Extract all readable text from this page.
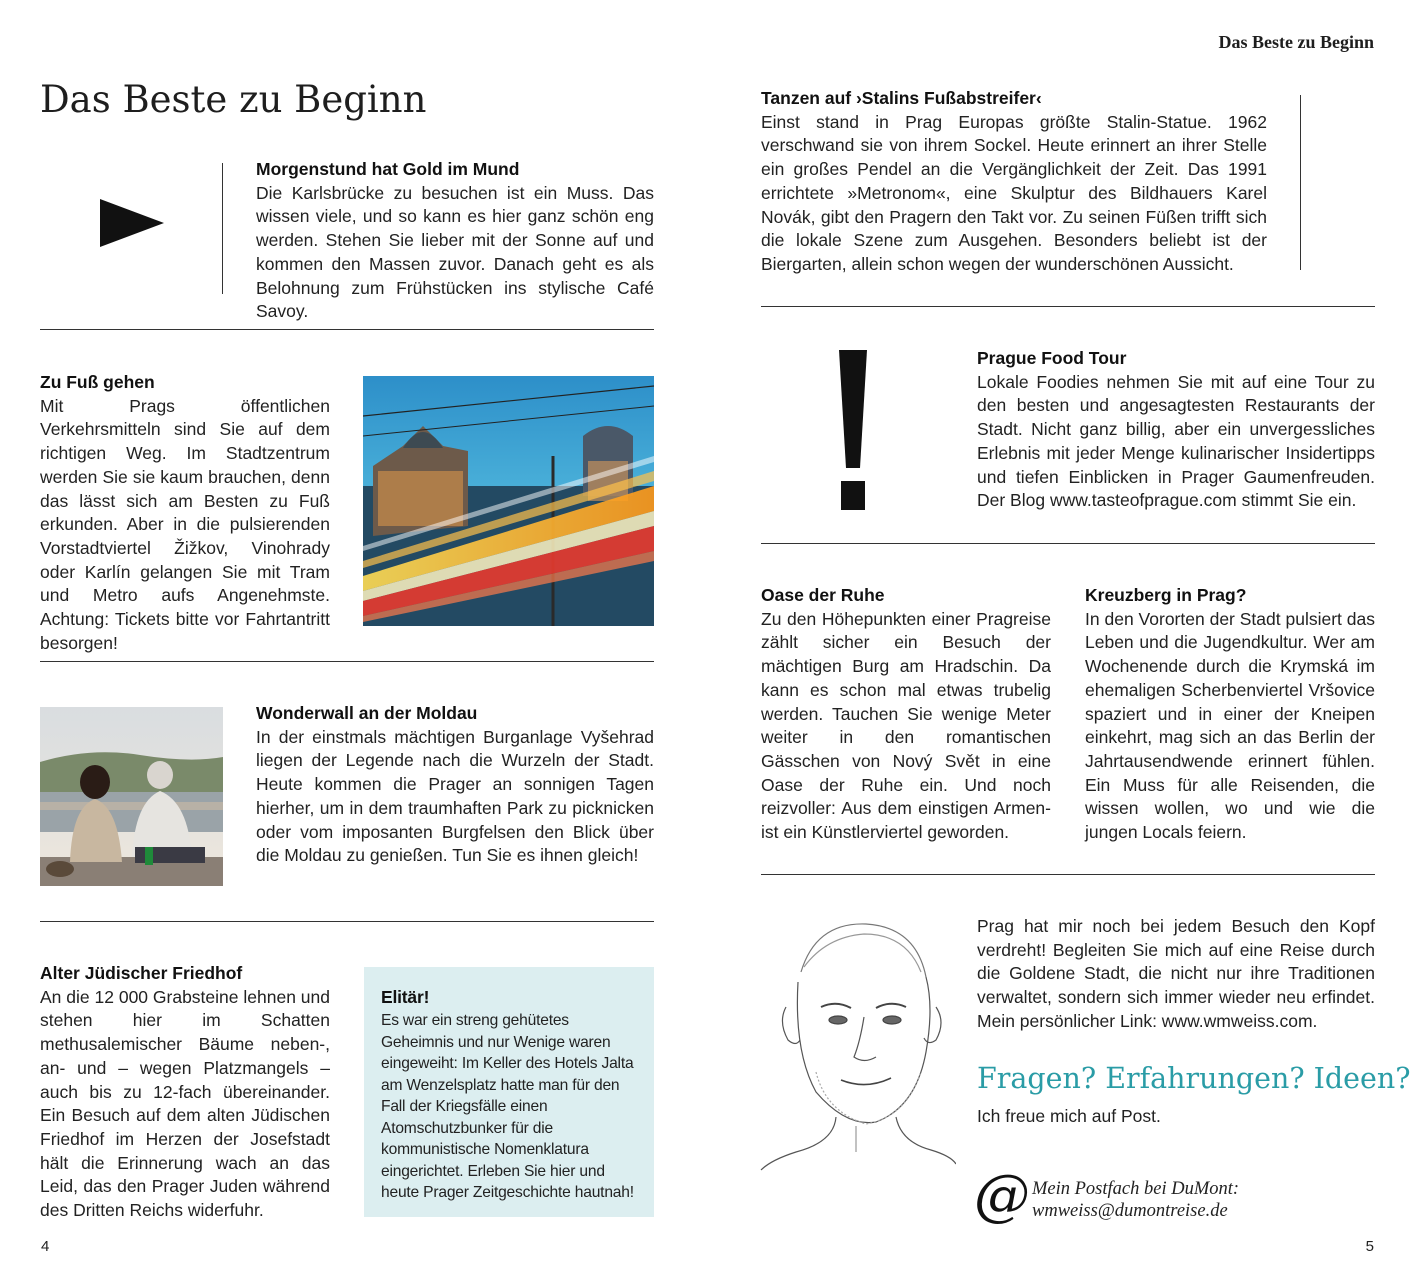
Das Beste zu Beginn
4	5
Das Beste zu Beginn
Morgenstund hat Gold im Mund
Die Karlsbrücke zu besuchen ist ein Muss. Das wissen viele, und so kann es hier ganz schön eng werden. Stehen Sie lieber mit der Sonne auf und kommen den Massen zuvor. Danach geht es als Belohnung zum Frühstücken ins stylische Café Savoy.
Zu Fuß gehen
Mit Prags öffentlichen Verkehrsmitteln sind Sie auf dem richtigen Weg. Im Stadtzentrum werden Sie sie kaum brauchen, denn das lässt sich am Besten zu Fuß erkunden. Aber in die pulsierenden Vorstadtviertel Žižkov, Vinohrady oder Karlín gelangen Sie mit Tram und Metro aufs Angenehmste. Achtung: Tickets bitte vor Fahrtantritt besorgen!
Wonderwall an der Moldau
In der einstmals mächtigen Burganlage Vyšehrad liegen der Legende nach die Wurzeln der Stadt. Heute kommen die Prager an sonnigen Tagen hierher, um in dem traumhaften Park zu picknicken oder vom imposanten Burgfelsen den Blick über die Moldau zu genießen. Tun Sie es ihnen gleich!
Alter Jüdischer Friedhof
An die 12 000 Grabsteine lehnen und stehen hier im Schatten methusalemischer Bäume neben-, an- und – wegen Platzmangels – auch bis zu 12-fach übereinander. Ein Besuch auf dem alten Jüdischen Friedhof im Herzen der Josefstadt hält die Erinnerung wach an das Leid, das den Prager Juden während des Dritten Reichs widerfuhr.
Elitär!
Es war ein streng gehütetes Geheimnis und nur Wenige waren eingeweiht: Im Keller des Hotels Jalta am Wenzelsplatz hatte man für den Fall der Kriegsfälle einen Atomschutzbunker für die kommunistische Nomenklatura eingerichtet. Erleben Sie hier und heute Prager Zeitgeschichte hautnah!
Tanzen auf ›Stalins Fußabstreifer‹
Einst stand in Prag Europas größte Stalin-Statue. 1962 verschwand sie von ihrem Sockel. Heute erinnert an ihrer Stelle ein großes Pendel an die Vergänglichkeit der Zeit. Das 1991 errichtete »Metronom«, eine Skulptur des Bildhauers Karel Novák, gibt den Pragern den Takt vor. Zu seinen Füßen trifft sich die lokale Szene zum Ausgehen. Besonders beliebt ist der Biergarten, allein schon wegen der wunderschönen Aussicht.
Prague Food Tour
Lokale Foodies nehmen Sie mit auf eine Tour zu den besten und angesagtesten Restaurants der Stadt. Nicht ganz billig, aber ein unvergessliches Erlebnis mit jeder Menge kulinarischer Insidertipps und tiefen Einblicken in Prager Gaumenfreuden. Der Blog www.tasteofprague.com stimmt Sie ein.
Oase der Ruhe
Zu den Höhepunkten einer Pragreise zählt sicher ein Besuch der mächtigen Burg am Hradschin. Da kann es schon mal etwas trubelig werden. Tauchen Sie wenige Meter weiter in den romantischen Gässchen von Nový Svět in eine Oase der Ruhe ein. Und noch reizvoller: Aus dem einstigen Armen- ist ein Künstlerviertel geworden.
Kreuzberg in Prag?
In den Vororten der Stadt pulsiert das Leben und die Jugendkultur. Wer am Wochenende durch die Krymská im ehemaligen Scherbenviertel Vršovice spaziert und in einer der Kneipen einkehrt, mag sich an das Berlin der Jahrtausendwende erinnert fühlen. Ein Muss für alle Reisenden, die wissen wollen, wo und wie die jungen Locals feiern.
Prag hat mir noch bei jedem Besuch den Kopf verdreht! Begleiten Sie mich auf eine Reise durch die Goldene Stadt, die nicht nur ihre Traditionen verwaltet, sondern sich immer wieder neu erfindet. Mein persönlicher Link: www.wmweiss.com.
Fragen? Erfahrungen? Ideen?
Ich freue mich auf Post.
@ Mein Postfach bei DuMont:
wmweiss@dumontreise.de
